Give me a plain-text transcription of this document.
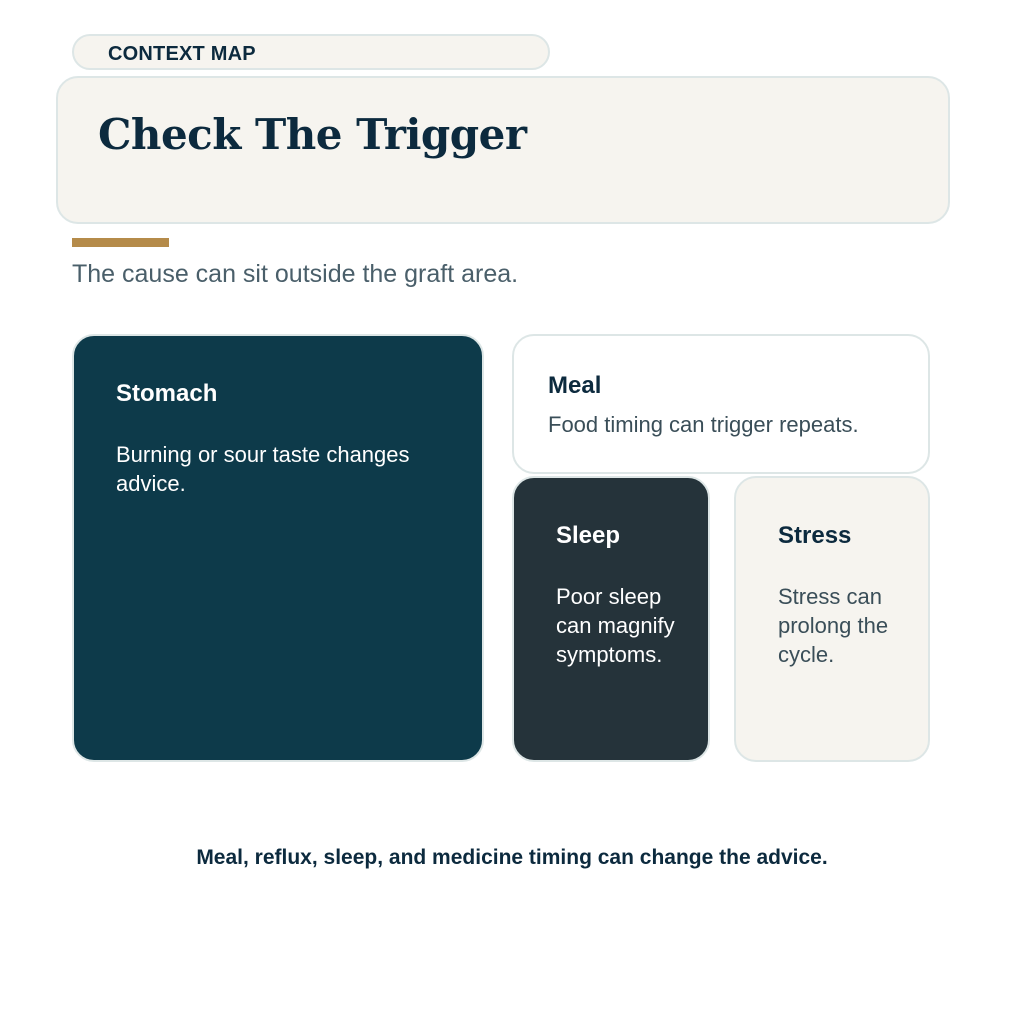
CONTEXT MAP
Check The Trigger
The cause can sit outside the graft area.
Stomach
Burning or sour taste changes advice.
Meal
Food timing can trigger repeats.
Sleep
Poor sleep can magnify symptoms.
Stress
Stress can prolong the cycle.
Meal, reflux, sleep, and medicine timing can change the advice.
